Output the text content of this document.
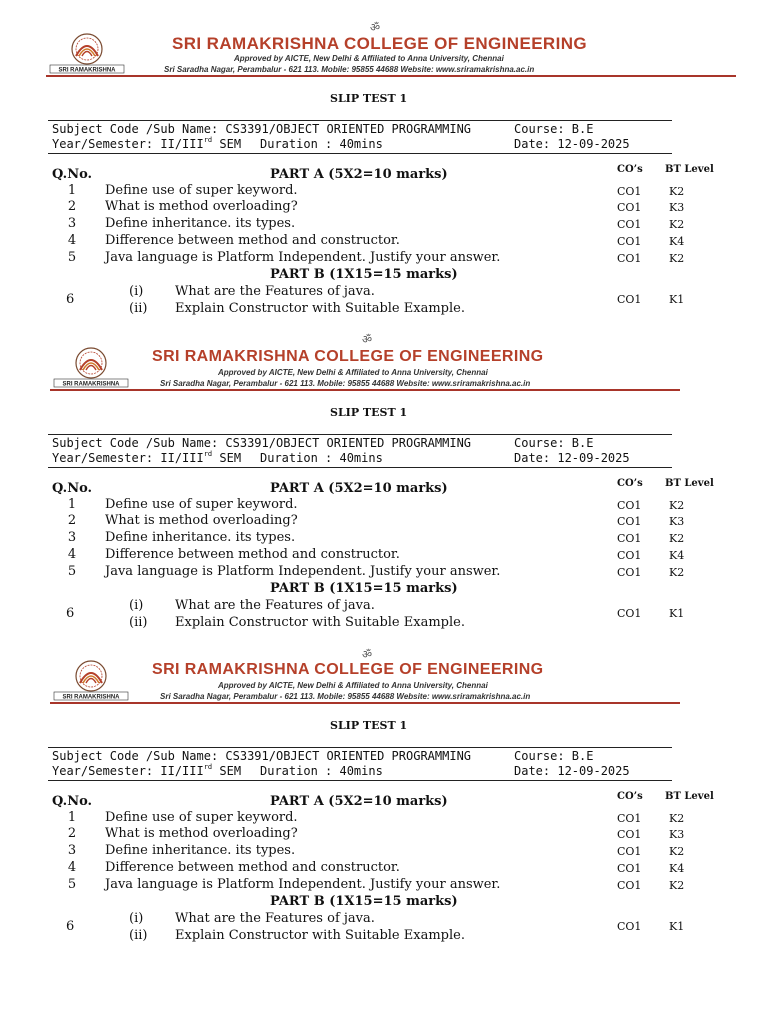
ॐ
SRI RAMAKRISHNA
SRI RAMAKRISHNA COLLEGE OF ENGINEERING
Approved by AICTE, New Delhi & Affiliated to Anna University, Chennai
Sri Saradha Nagar, Perambalur - 621 113. Mobile: 95855 44688 Website: www.sriramakrishna.ac.in
SLIP TEST 1
Subject Code /Sub Name: CS3391/OBJECT ORIENTED PROGRAMMING	Course: B.E
Year/Semester: II/IIIrd SEM Duration : 40mins	Date: 12-09-2025
Q.No.	PART A (5X2=10 marks)	CO’s BT Level
1	Define use of super keyword.	CO1	K2
2	What is method overloading?	CO1	K3
3	Define inheritance. its types.	CO1	K2
4	Difference between method and constructor.	CO1	K4
5	Java language is Platform Independent. Justify your answer.	CO1	K2
PART B (1X15=15 marks)
6
(i) What are the Features of java.
(ii) Explain Constructor with Suitable Example.
CO1	K1
ॐ
SRI RAMAKRISHNA
SRI RAMAKRISHNA COLLEGE OF ENGINEERING
Approved by AICTE, New Delhi & Affiliated to Anna University, Chennai
Sri Saradha Nagar, Perambalur - 621 113. Mobile: 95855 44688 Website: www.sriramakrishna.ac.in
SLIP TEST 1
Subject Code /Sub Name: CS3391/OBJECT ORIENTED PROGRAMMING	Course: B.E
Year/Semester: II/IIIrd SEM Duration : 40mins	Date: 12-09-2025
Q.No.	PART A (5X2=10 marks)	CO’s BT Level
1	Define use of super keyword.	CO1	K2
2	What is method overloading?	CO1	K3
3	Define inheritance. its types.	CO1	K2
4	Difference between method and constructor.	CO1	K4
5	Java language is Platform Independent. Justify your answer.	CO1	K2
PART B (1X15=15 marks)
6
(i) What are the Features of java.
(ii) Explain Constructor with Suitable Example.
CO1	K1
ॐ
SRI RAMAKRISHNA
SRI RAMAKRISHNA COLLEGE OF ENGINEERING
Approved by AICTE, New Delhi & Affiliated to Anna University, Chennai
Sri Saradha Nagar, Perambalur - 621 113. Mobile: 95855 44688 Website: www.sriramakrishna.ac.in
SLIP TEST 1
Subject Code /Sub Name: CS3391/OBJECT ORIENTED PROGRAMMING	Course: B.E
Year/Semester: II/IIIrd SEM Duration : 40mins	Date: 12-09-2025
Q.No.	PART A (5X2=10 marks)	CO’s BT Level
1	Define use of super keyword.	CO1	K2
2	What is method overloading?	CO1	K3
3	Define inheritance. its types.	CO1	K2
4	Difference between method and constructor.	CO1	K4
5	Java language is Platform Independent. Justify your answer.	CO1	K2
PART B (1X15=15 marks)
6
(i) What are the Features of java.
(ii) Explain Constructor with Suitable Example.
CO1	K1
